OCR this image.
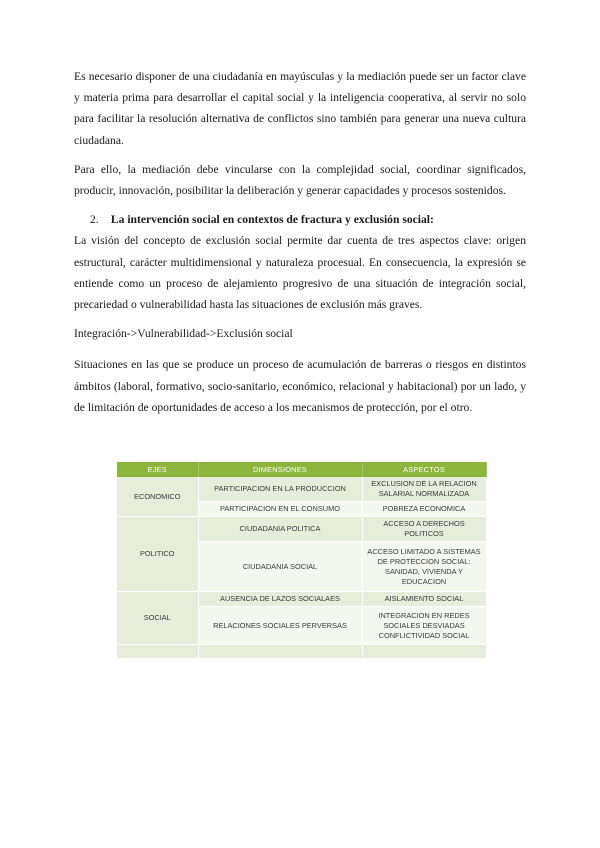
Es necesario disponer de una ciudadanía en mayúsculas y la mediación puede ser un factor clave y materia prima para desarrollar el capital social y la inteligencia cooperativa, al servir no solo para facilitar la resolución alternativa de conflictos sino también para generar una nueva cultura ciudadana.

Para ello, la mediación debe vincularse con la complejidad social, coordinar significados, producir, innovación, posibilitar la deliberación y generar capacidades y procesos sostenidos.

2. La intervención social en contextos de fractura y exclusión social:

La visión del concepto de exclusión social permite dar cuenta de tres aspectos clave: origen estructural, carácter multidimensional y naturaleza procesual. En consecuencia, la expresión se entiende como un proceso de alejamiento progresivo de una situación de integración social, precariedad o vulnerabilidad hasta las situaciones de exclusión más graves.

Integración->Vulnerabilidad->Exclusión social

Situaciones en las que se produce un proceso de acumulación de barreras o riesgos en distintos ámbitos (laboral, formativo, socio-sanitario, económico, relacional y habitacional) por un lado, y de limitación de oportunidades de acceso a los mecanismos de protección, por el otro.

EJES	DIMENSIONES	ASPECTOS
ECONOMICO	PARTICIPACION EN LA PRODUCCION	EXCLUSION DE LA RELACION SALARIAL NORMALIZADA
	PARTICIPACION EN EL CONSUMO	POBREZA ECONOMICA
POLITICO	CIUDADANIA POLITICA	ACCESO A DERECHOS POLITICOS
	CIUDADANIA SOCIAL	ACCESO LIMITADO A SISTEMAS DE PROTECCION SOCIAL: SANIDAD, VIVIENDA Y EDUCACION
SOCIAL	AUSENCIA DE LAZOS SOCIALAES	AISLAMIENTO SOCIAL
	RELACIONES SOCIALES PERVERSAS	INTEGRACION EN REDES SOCIALES DESVIADAS CONFLICTIVIDAD SOCIAL
